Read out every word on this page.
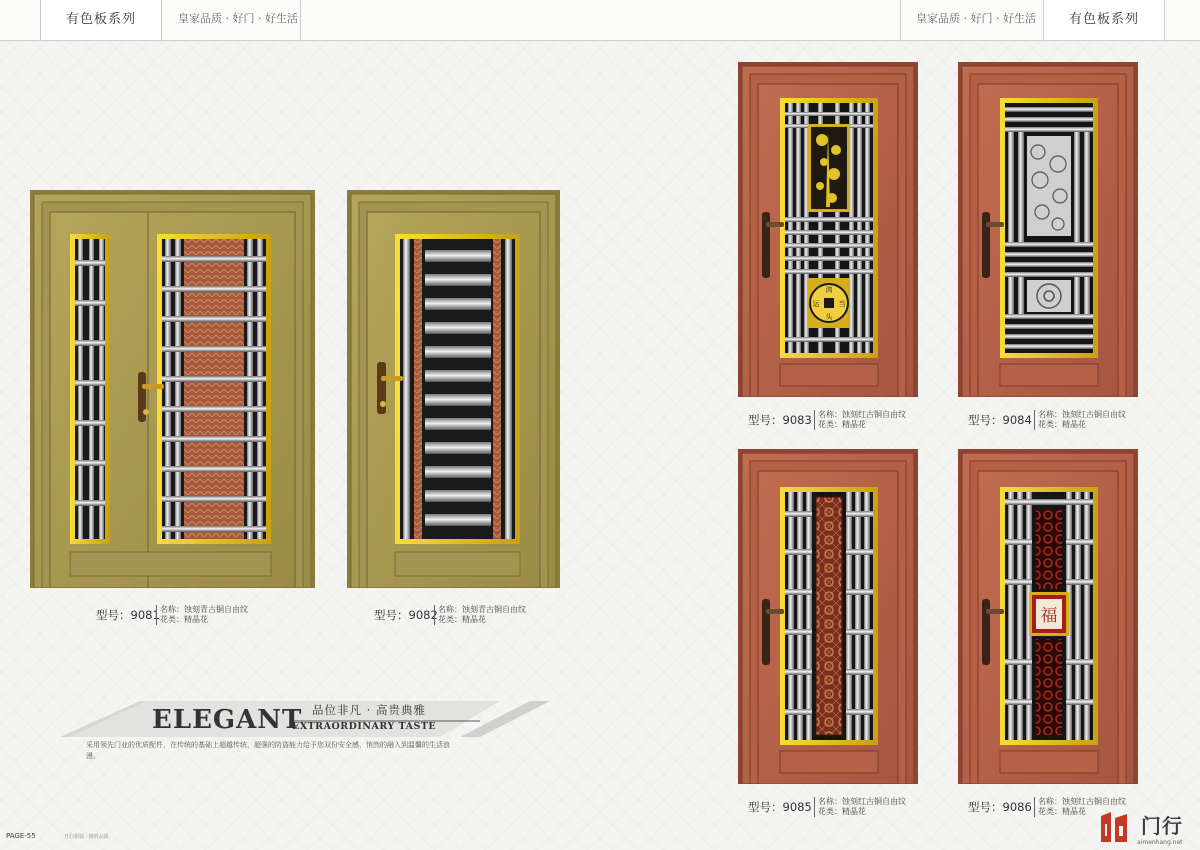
有色板系列	皇家品质 · 好门 · 好生活	皇家品质 · 好门 · 好生活	有色板系列
型号：9081 名称：蚀刻青古铜自由纹
花类：精晶花	型号：9082 名称：蚀刻青古铜自由纹
花类：精晶花
鸿
运	当
头
型号：9083 名称：蚀刻红古铜自由纹
花类：精晶花	型号：9084 名称：蚀刻红古铜自由纹
花类：精晶花
型号：9085 名称：蚀刻红古铜自由纹
花类：精晶花
福
型号：9086 名称：蚀刻红古铜自由纹
花类：精晶花
ELEGANT 品位非凡 · 高贵典雅
EXTRAORDINARY TASTE
采用领先门业的优质配件，在传统的基础上超越传统，超强的防盗能力给予您双份安全感，悄然的融入到温馨的生活浪漫。
PAGE-55	开启新篇 · 精准品质	门行
aimenhang.net
